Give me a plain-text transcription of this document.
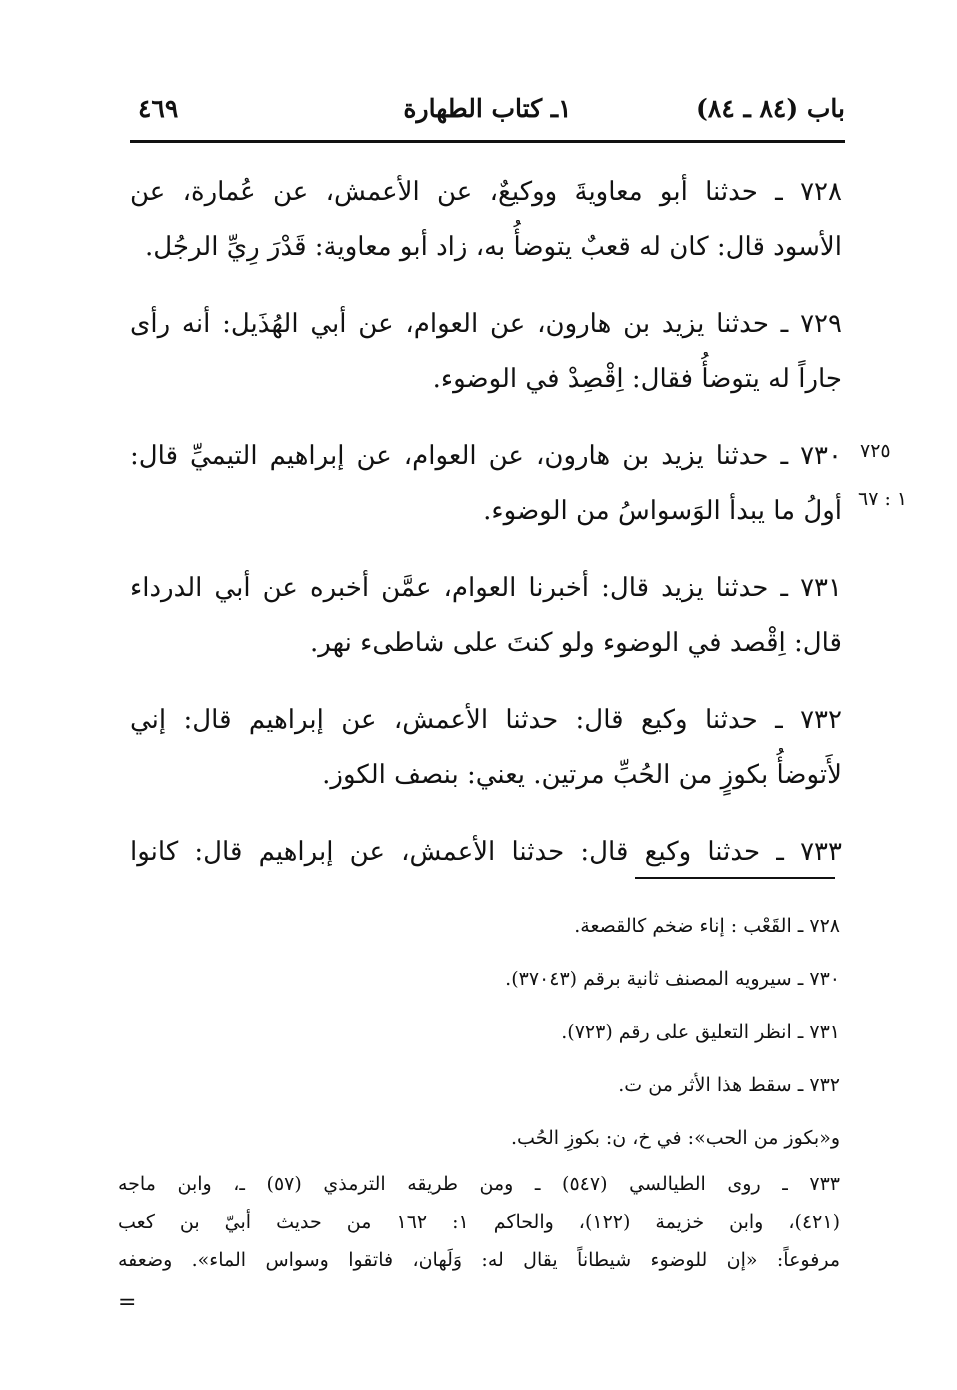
باب (٨٤ ـ ٨٤)
١ـ كتاب الطهارة
٤٦٩
٧٢٨ ـ حدثنا أبو معاويةَ ووكيعٌ، عن الأعمش، عن عُمارة، عن
الأسود قال: كان له قعبٌ يتوضأُ به، زاد أبو معاوية: قَدْرَ رِيِّ الرجُل.
٧٢٩ ـ حدثنا يزيد بن هارون، عن العوام، عن أبي الهُذَيل: أنه رأى
جاراً له يتوضأُ فقال: اِقْصِدْ في الوضوء.
٧٣٠ ـ حدثنا يزيد بن هارون، عن العوام، عن إبراهيم التيميِّ قال:
أولُ ما يبدأ الوَسواسُ من الوضوء.
٧٣١ ـ حدثنا يزيد قال: أخبرنا العوام، عمَّن أخبره عن أبي الدرداء
قال: اِقْصد في الوضوء ولو كنتَ على شاطىء نهر.
٧٣٢ ـ حدثنا وكيع قال: حدثنا الأعمش، عن إبراهيم قال: إني
لأَتوضأُ بكوزٍ من الحُبِّ مرتين. يعني: بنصف الكوز.
٧٣٣ ـ حدثنا وكيع قال: حدثنا الأعمش، عن إبراهيم قال: كانوا
٧٢٥
١ : ٦٧
٧٢٨ ـ القَعْب : إناء ضخم كالقصعة.
٧٣٠ ـ سيرويه المصنف ثانية برقم (٣٧٠٤٣).
٧٣١ ـ انظر التعليق على رقم (٧٢٣).
٧٣٢ ـ سقط هذا الأثر من ت.
و«بكوز من الحب»: في خ، ن: بكوزِ الحُب.
٧٣٣ ـ روى الطيالسي (٥٤٧) ـ ومن طريقه الترمذي (٥٧) ـ، وابن ماجه
(٤٢١)، وابن خزيمة (١٢٢)، والحاكم ١: ١٦٢ من حديث أبيّ بن كعب
مرفوعاً: «إن للوضوء شيطاناً يقال له: وَلَهان، فاتقوا وسواس الماء». وضعفه
=
